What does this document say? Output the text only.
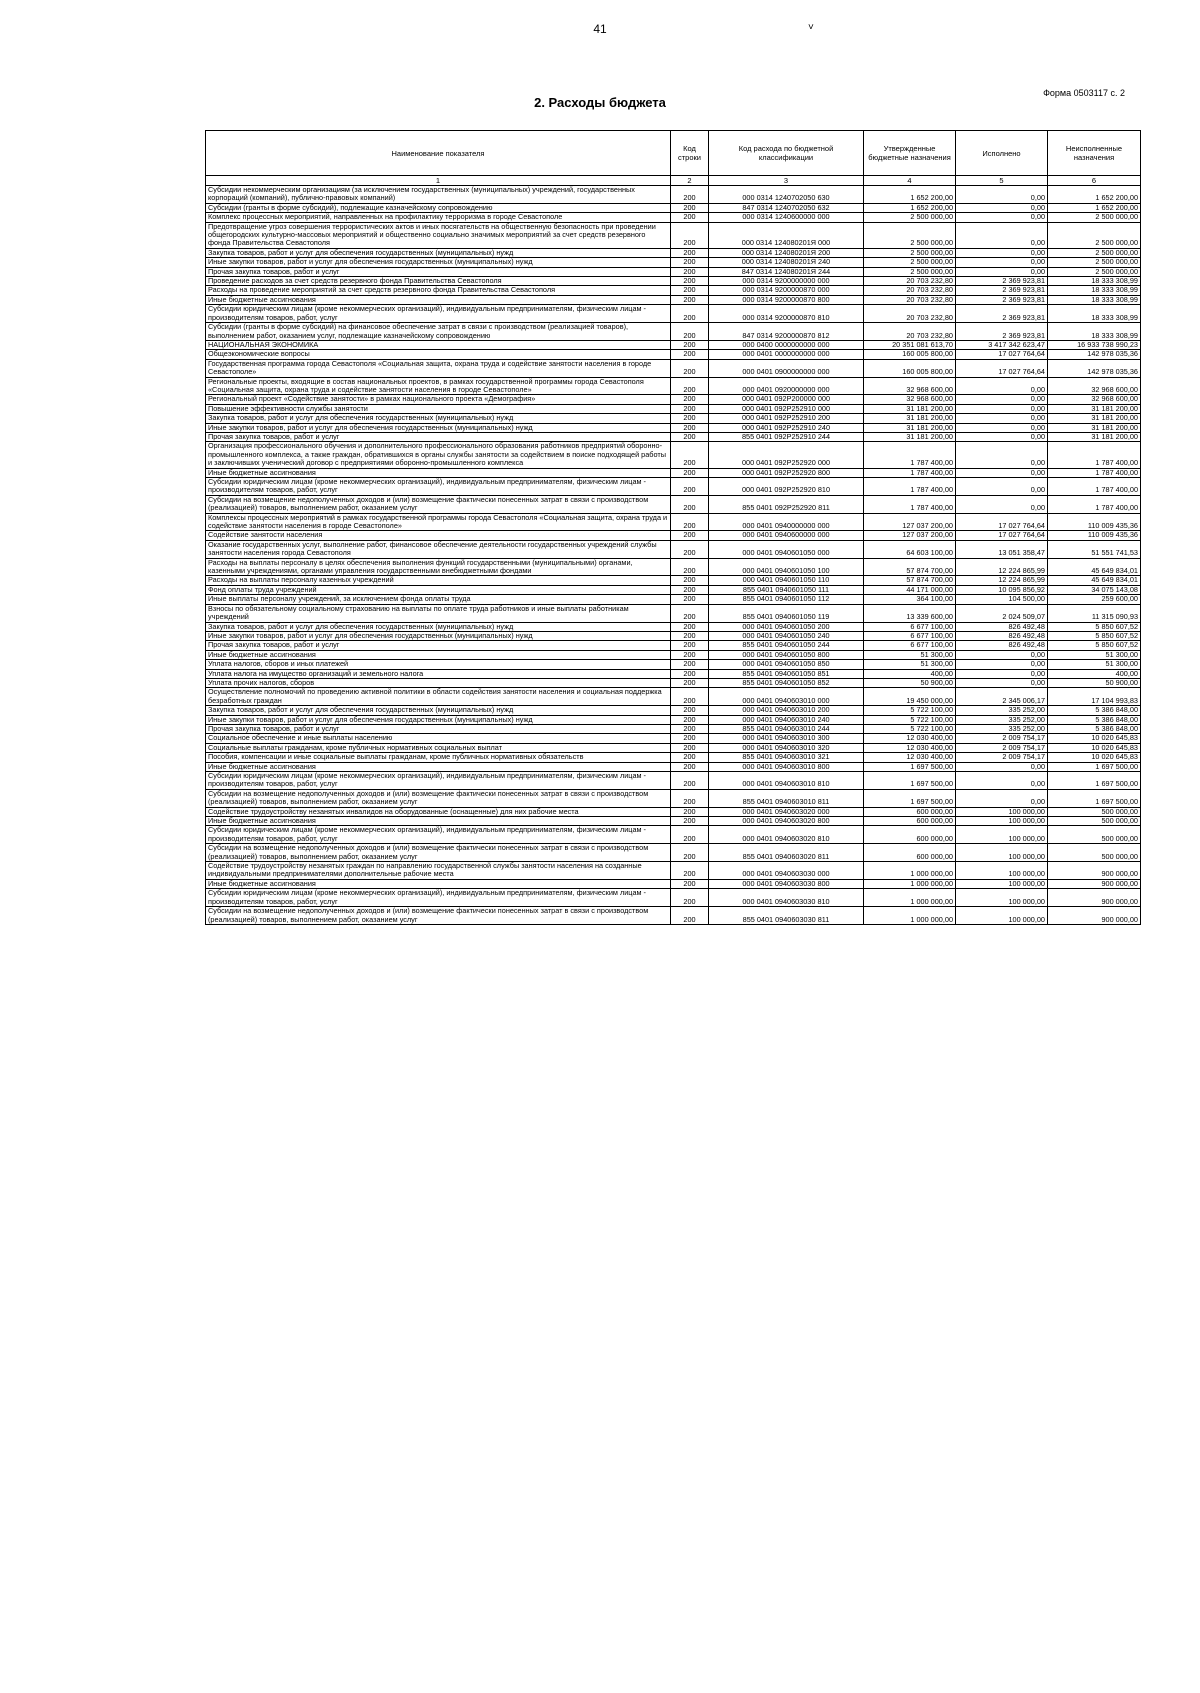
41
Форма 0503117 с. 2
2. Расходы бюджета
Наименование показателя	Код строки	Код расхода по бюджетной классификации	Утвержденные бюджетные назначения	Исполнено	Неисполненные назначения
1	2	3	4	5	6
Субсидии некоммерческим организациям (за исключением государственных (муниципальных) учреждений, государственных корпораций (компаний), публично-правовых компаний)	200	000 0314 1240702050 630	1 652 200,00	0,00	1 652 200,00
Субсидии (гранты в форме субсидий), подлежащие казначейскому сопровождению	200	847 0314 1240702050 632	1 652 200,00	0,00	1 652 200,00
Комплекс процессных мероприятий, направленных на профилактику терроризма в городе Севастополе	200	000 0314 1240600000 000	2 500 000,00	0,00	2 500 000,00
Предотвращение угроз совершения террористических актов и иных посягательств на общественную безопасность при проведении общегородских культурно-массовых мероприятий и общественно социально значимых мероприятий за счет средств резервного фонда Правительства Севастополя	200	000 0314 124080201Я 000	2 500 000,00	0,00	2 500 000,00
Закупка товаров, работ и услуг для обеспечения государственных (муниципальных) нужд	200	000 0314 124080201Я 200	2 500 000,00	0,00	2 500 000,00
Иные закупки товаров, работ и услуг для обеспечения государственных (муниципальных) нужд	200	000 0314 124080201Я 240	2 500 000,00	0,00	2 500 000,00
Прочая закупка товаров, работ и услуг	200	847 0314 124080201Я 244	2 500 000,00	0,00	2 500 000,00
Проведение расходов за счет средств резервного фонда Правительства Севастополя	200	000 0314 9200000000 000	20 703 232,80	2 369 923,81	18 333 308,99
Расходы на проведение мероприятий за счет средств резервного фонда Правительства Севастополя	200	000 0314 9200000870 000	20 703 232,80	2 369 923,81	18 333 308,99
Иные бюджетные ассигнования	200	000 0314 9200000870 800	20 703 232,80	2 369 923,81	18 333 308,99
Субсидии юридическим лицам (кроме некоммерческих организаций), индивидуальным предпринимателям, физическим лицам - производителям товаров, работ, услуг	200	000 0314 9200000870 810	20 703 232,80	2 369 923,81	18 333 308,99
Субсидии (гранты в форме субсидий) на финансовое обеспечение затрат в связи с производством (реализацией товаров), выполнением работ, оказанием услуг, подлежащие казначейскому сопровождению	200	847 0314 9200000870 812	20 703 232,80	2 369 923,81	18 333 308,99
НАЦИОНАЛЬНАЯ ЭКОНОМИКА	200	000 0400 0000000000 000	20 351 081 613,70	3 417 342 623,47	16 933 738 990,23
Общеэкономические вопросы	200	000 0401 0000000000 000	160 005 800,00	17 027 764,64	142 978 035,36
Государственная программа города Севастополя «Социальная защита, охрана труда и содействие занятости населения в городе Севастополе»	200	000 0401 0900000000 000	160 005 800,00	17 027 764,64	142 978 035,36
Региональные проекты, входящие в состав национальных проектов, в рамках государственной программы города Севастополя «Социальная защита, охрана труда и содействие занятости населения в городе Севастополе»	200	000 0401 0920000000 000	32 968 600,00	0,00	32 968 600,00
Региональный проект «Содействие занятости» в рамках национального проекта «Демография»	200	000 0401 092P200000 000	32 968 600,00	0,00	32 968 600,00
Повышение эффективности службы занятости	200	000 0401 092P252910 000	31 181 200,00	0,00	31 181 200,00
Закупка товаров, работ и услуг для обеспечения государственных (муниципальных) нужд	200	000 0401 092P252910 200	31 181 200,00	0,00	31 181 200,00
Иные закупки товаров, работ и услуг для обеспечения государственных (муниципальных) нужд	200	000 0401 092P252910 240	31 181 200,00	0,00	31 181 200,00
Прочая закупка товаров, работ и услуг	200	855 0401 092P252910 244	31 181 200,00	0,00	31 181 200,00
Организация профессионального обучения и дополнительного профессионального образования работников предприятий оборонно-промышленного комплекса, а также граждан, обратившихся в органы службы занятости за содействием в поиске подходящей работы и заключивших ученический договор с предприятиями оборонно-промышленного комплекса	200	000 0401 092P252920 000	1 787 400,00	0,00	1 787 400,00
Иные бюджетные ассигнования	200	000 0401 092P252920 800	1 787 400,00	0,00	1 787 400,00
Субсидии юридическим лицам (кроме некоммерческих организаций), индивидуальным предпринимателям, физическим лицам - производителям товаров, работ, услуг	200	000 0401 092P252920 810	1 787 400,00	0,00	1 787 400,00
Субсидии на возмещение недополученных доходов и (или) возмещение фактически понесенных затрат в связи с производством (реализацией) товаров, выполнением работ, оказанием услуг	200	855 0401 092P252920 811	1 787 400,00	0,00	1 787 400,00
Комплексы процессных мероприятий в рамках государственной программы города Севастополя «Социальная защита, охрана труда и содействие занятости населения в городе Севастополе»	200	000 0401 0940000000 000	127 037 200,00	17 027 764,64	110 009 435,36
Содействие занятости населения	200	000 0401 0940600000 000	127 037 200,00	17 027 764,64	110 009 435,36
Оказание государственных услуг, выполнение работ, финансовое обеспечение деятельности государственных учреждений службы занятости населения города Севастополя	200	000 0401 0940601050 000	64 603 100,00	13 051 358,47	51 551 741,53
Расходы на выплаты персоналу в целях обеспечения выполнения функций государственными (муниципальными) органами, казенными учреждениями, органами управления государственными внебюджетными фондами	200	000 0401 0940601050 100	57 874 700,00	12 224 865,99	45 649 834,01
Расходы на выплаты персоналу казенных учреждений	200	000 0401 0940601050 110	57 874 700,00	12 224 865,99	45 649 834,01
Фонд оплаты труда учреждений	200	855 0401 0940601050 111	44 171 000,00	10 095 856,92	34 075 143,08
Иные выплаты персоналу учреждений, за исключением фонда оплаты труда	200	855 0401 0940601050 112	364 100,00	104 500,00	259 600,00
Взносы по обязательному социальному страхованию на выплаты по оплате труда работников и иные выплаты работникам учреждений	200	855 0401 0940601050 119	13 339 600,00	2 024 509,07	11 315 090,93
Закупка товаров, работ и услуг для обеспечения государственных (муниципальных) нужд	200	000 0401 0940601050 200	6 677 100,00	826 492,48	5 850 607,52
Иные закупки товаров, работ и услуг для обеспечения государственных (муниципальных) нужд	200	000 0401 0940601050 240	6 677 100,00	826 492,48	5 850 607,52
Прочая закупка товаров, работ и услуг	200	855 0401 0940601050 244	6 677 100,00	826 492,48	5 850 607,52
Иные бюджетные ассигнования	200	000 0401 0940601050 800	51 300,00	0,00	51 300,00
Уплата налогов, сборов и иных платежей	200	000 0401 0940601050 850	51 300,00	0,00	51 300,00
Уплата налога на имущество организаций и земельного налога	200	855 0401 0940601050 851	400,00	0,00	400,00
Уплата прочих налогов, сборов	200	855 0401 0940601050 852	50 900,00	0,00	50 900,00
Осуществление полномочий по проведению активной политики в области содействия занятости населения и социальная поддержка безработных граждан	200	000 0401 0940603010 000	19 450 000,00	2 345 006,17	17 104 993,83
Закупка товаров, работ и услуг для обеспечения государственных (муниципальных) нужд	200	000 0401 0940603010 200	5 722 100,00	335 252,00	5 386 848,00
Иные закупки товаров, работ и услуг для обеспечения государственных (муниципальных) нужд	200	000 0401 0940603010 240	5 722 100,00	335 252,00	5 386 848,00
Прочая закупка товаров, работ и услуг	200	855 0401 0940603010 244	5 722 100,00	335 252,00	5 386 848,00
Социальное обеспечение и иные выплаты населению	200	000 0401 0940603010 300	12 030 400,00	2 009 754,17	10 020 645,83
Социальные выплаты гражданам, кроме публичных нормативных социальных выплат	200	000 0401 0940603010 320	12 030 400,00	2 009 754,17	10 020 645,83
Пособия, компенсации и иные социальные выплаты гражданам, кроме публичных нормативных обязательств	200	855 0401 0940603010 321	12 030 400,00	2 009 754,17	10 020 645,83
Иные бюджетные ассигнования	200	000 0401 0940603010 800	1 697 500,00	0,00	1 697 500,00
Субсидии юридическим лицам (кроме некоммерческих организаций), индивидуальным предпринимателям, физическим лицам - производителям товаров, работ, услуг	200	000 0401 0940603010 810	1 697 500,00	0,00	1 697 500,00
Субсидии на возмещение недополученных доходов и (или) возмещение фактически понесенных затрат в связи с производством (реализацией) товаров, выполнением работ, оказанием услуг	200	855 0401 0940603010 811	1 697 500,00	0,00	1 697 500,00
Содействие трудоустройству незанятых инвалидов на оборудованные (оснащенные) для них рабочие места	200	000 0401 0940603020 000	600 000,00	100 000,00	500 000,00
Иные бюджетные ассигнования	200	000 0401 0940603020 800	600 000,00	100 000,00	500 000,00
Субсидии юридическим лицам (кроме некоммерческих организаций), индивидуальным предпринимателям, физическим лицам - производителям товаров, работ, услуг	200	000 0401 0940603020 810	600 000,00	100 000,00	500 000,00
Субсидии на возмещение недополученных доходов и (или) возмещение фактически понесенных затрат в связи с производством (реализацией) товаров, выполнением работ, оказанием услуг	200	855 0401 0940603020 811	600 000,00	100 000,00	500 000,00
Содействие трудоустройству незанятых граждан по направлению государственной службы занятости населения на созданные индивидуальными предпринимателями дополнительные рабочие места	200	000 0401 0940603030 000	1 000 000,00	100 000,00	900 000,00
Иные бюджетные ассигнования	200	000 0401 0940603030 800	1 000 000,00	100 000,00	900 000,00
Субсидии юридическим лицам (кроме некоммерческих организаций), индивидуальным предпринимателям, физическим лицам - производителям товаров, работ, услуг	200	000 0401 0940603030 810	1 000 000,00	100 000,00	900 000,00
Субсидии на возмещение недополученных доходов и (или) возмещение фактически понесенных затрат в связи с производством (реализацией) товаров, выполнением работ, оказанием услуг	200	855 0401 0940603030 811	1 000 000,00	100 000,00	900 000,00
˅
